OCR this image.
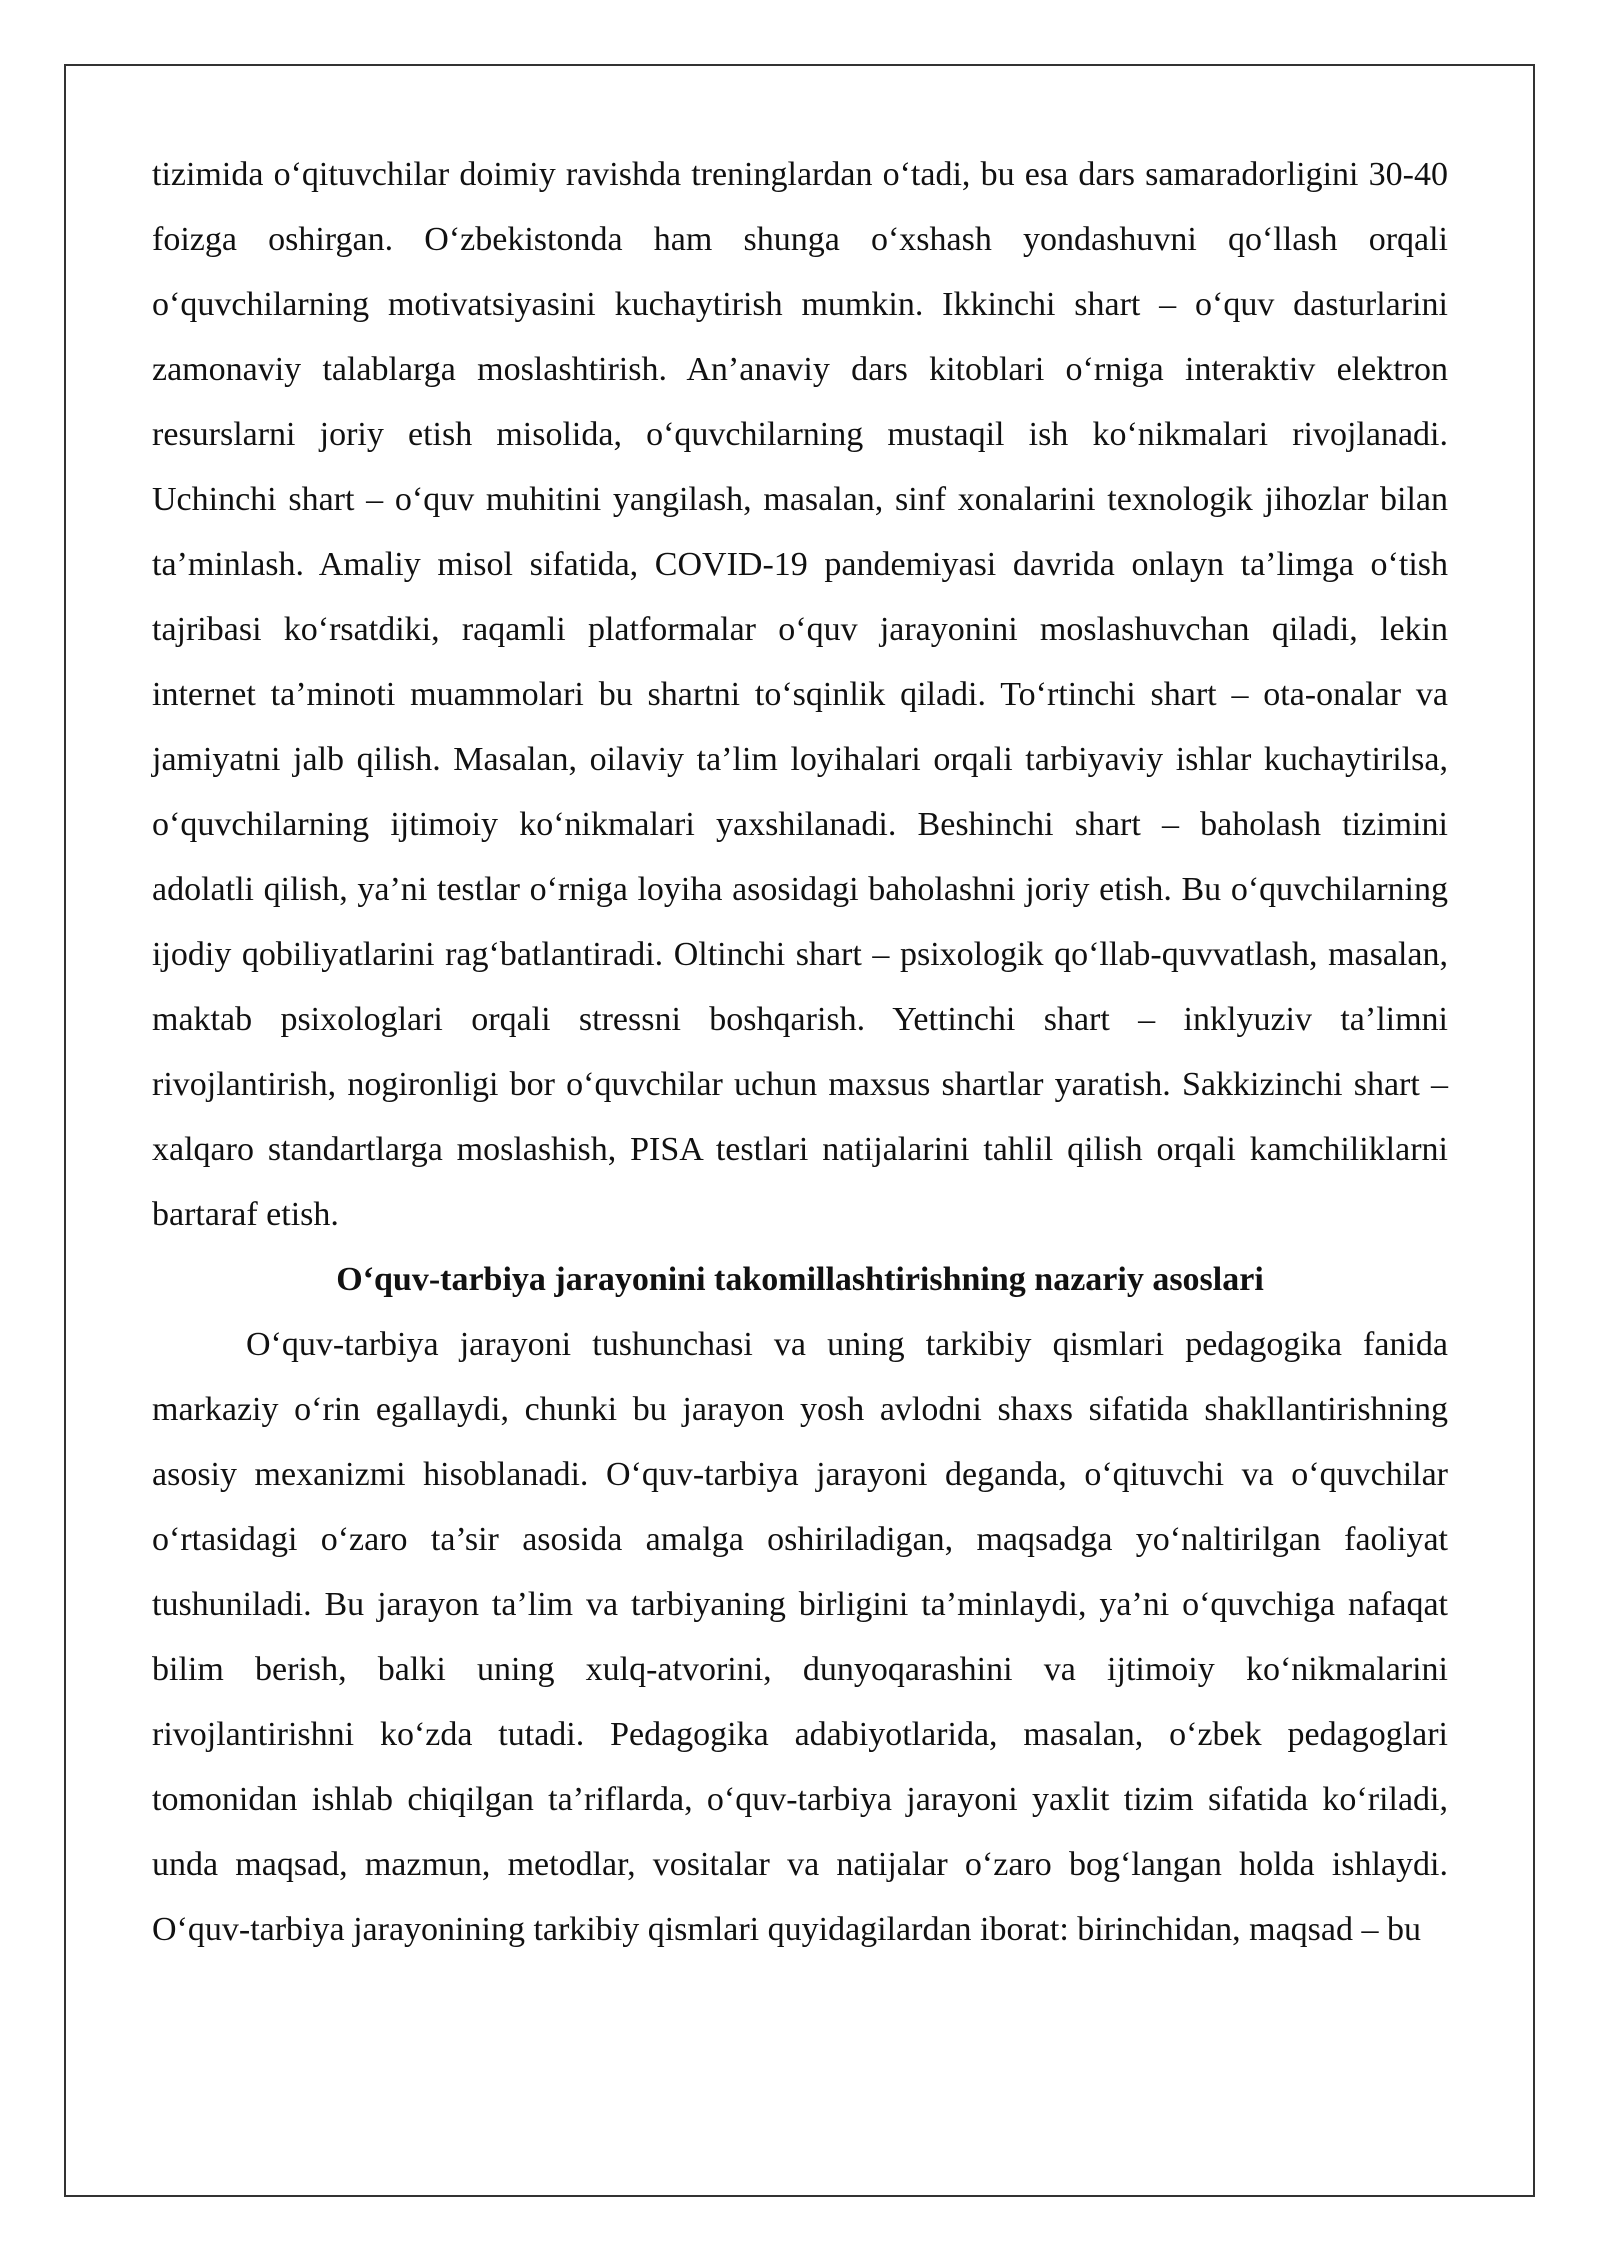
tizimida o‘qituvchilar doimiy ravishda treninglardan o‘tadi, bu esa dars samaradorligini 30-40 foizga oshirgan. O‘zbekistonda ham shunga o‘xshash yondashuvni qo‘llash orqali o‘quvchilarning motivatsiyasini kuchaytirish mumkin. Ikkinchi shart – o‘quv dasturlarini zamonaviy talablarga moslashtirish. An’anaviy dars kitoblari o‘rniga interaktiv elektron resurslarni joriy etish misolida, o‘quvchilarning mustaqil ish ko‘nikmalari rivojlanadi. Uchinchi shart – o‘quv muhitini yangilash, masalan, sinf xonalarini texnologik jihozlar bilan ta’minlash. Amaliy misol sifatida, COVID-19 pandemiyasi davrida onlayn ta’limga o‘tish tajribasi ko‘rsatdiki, raqamli platformalar o‘quv jarayonini moslashuvchan qiladi, lekin internet ta’minoti muammolari bu shartni to‘sqinlik qiladi. To‘rtinchi shart – ota-onalar va jamiyatni jalb qilish. Masalan, oilaviy ta’lim loyihalari orqali tarbiyaviy ishlar kuchaytirilsa, o‘quvchilarning ijtimoiy ko‘nikmalari yaxshilanadi. Beshinchi shart – baholash tizimini adolatli qilish, ya’ni testlar o‘rniga loyiha asosidagi baholashni joriy etish. Bu o‘quvchilarning ijodiy qobiliyatlarini rag‘batlantiradi. Oltinchi shart – psixologik qo‘llab-quvvatlash, masalan, maktab psixologlari orqali stressni boshqarish. Yettinchi shart – inklyuziv ta’limni rivojlantirish, nogironligi bor o‘quvchilar uchun maxsus shartlar yaratish. Sakkizinchi shart – xalqaro standartlarga moslashish, PISA testlari natijalarini tahlil qilish orqali kamchiliklarni bartaraf etish.

O‘quv-tarbiya jarayonini takomillashtirishning nazariy asoslari

O‘quv-tarbiya jarayoni tushunchasi va uning tarkibiy qismlari pedagogika fanida markaziy o‘rin egallaydi, chunki bu jarayon yosh avlodni shaxs sifatida shakllantirishning asosiy mexanizmi hisoblanadi. O‘quv-tarbiya jarayoni deganda, o‘qituvchi va o‘quvchilar o‘rtasidagi o‘zaro ta’sir asosida amalga oshiriladigan, maqsadga yo‘naltirilgan faoliyat tushuniladi. Bu jarayon ta’lim va tarbiyaning birligini ta’minlaydi, ya’ni o‘quvchiga nafaqat bilim berish, balki uning xulq-atvorini, dunyoqarashini va ijtimoiy ko‘nikmalarini rivojlantirishni ko‘zda tutadi. Pedagogika adabiyotlarida, masalan, o‘zbek pedagoglari tomonidan ishlab chiqilgan ta’riflarda, o‘quv-tarbiya jarayoni yaxlit tizim sifatida ko‘riladi, unda maqsad, mazmun, metodlar, vositalar va natijalar o‘zaro bog‘langan holda ishlaydi. O‘quv-tarbiya jarayonining tarkibiy qismlari quyidagilardan iborat: birinchidan, maqsad – bu
